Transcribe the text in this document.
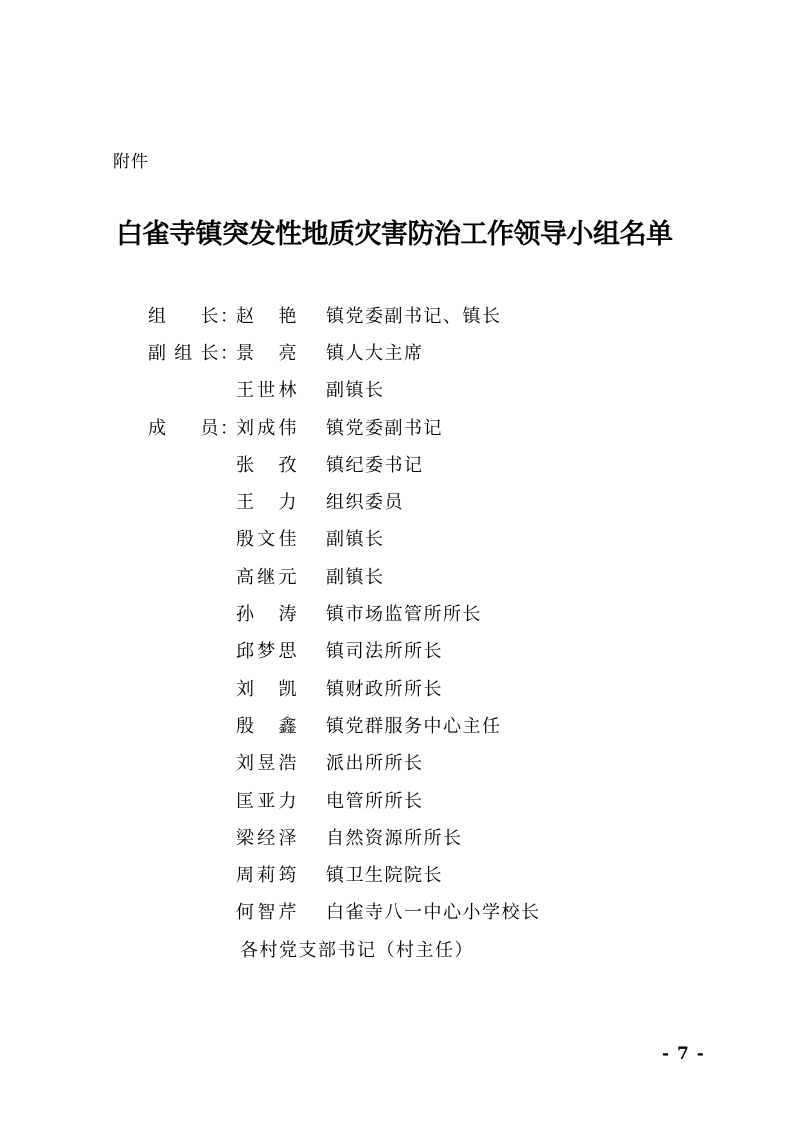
附件
白雀寺镇突发性地质灾害防治工作领导小组名单
组 长 ：
赵 艳	镇党委副书记、镇长
副组长 ：
景 亮	镇人大主席
王世林	副镇长
成 员 ：
刘成伟	镇党委副书记
张 孜	镇纪委书记
王 力	组织委员
殷文佳	副镇长
高继元	副镇长
孙 涛	镇市场监管所所长
邱梦思	镇司法所所长
刘 凯	镇财政所所长
殷 鑫	镇党群服务中心主任
刘昱浩	派出所所长
匡亚力	电管所所长
梁经泽	自然资源所所长
周莉筠	镇卫生院院长
何智芹	白雀寺八一中心小学校长
各村党支部书记（村主任）
- 7 -
